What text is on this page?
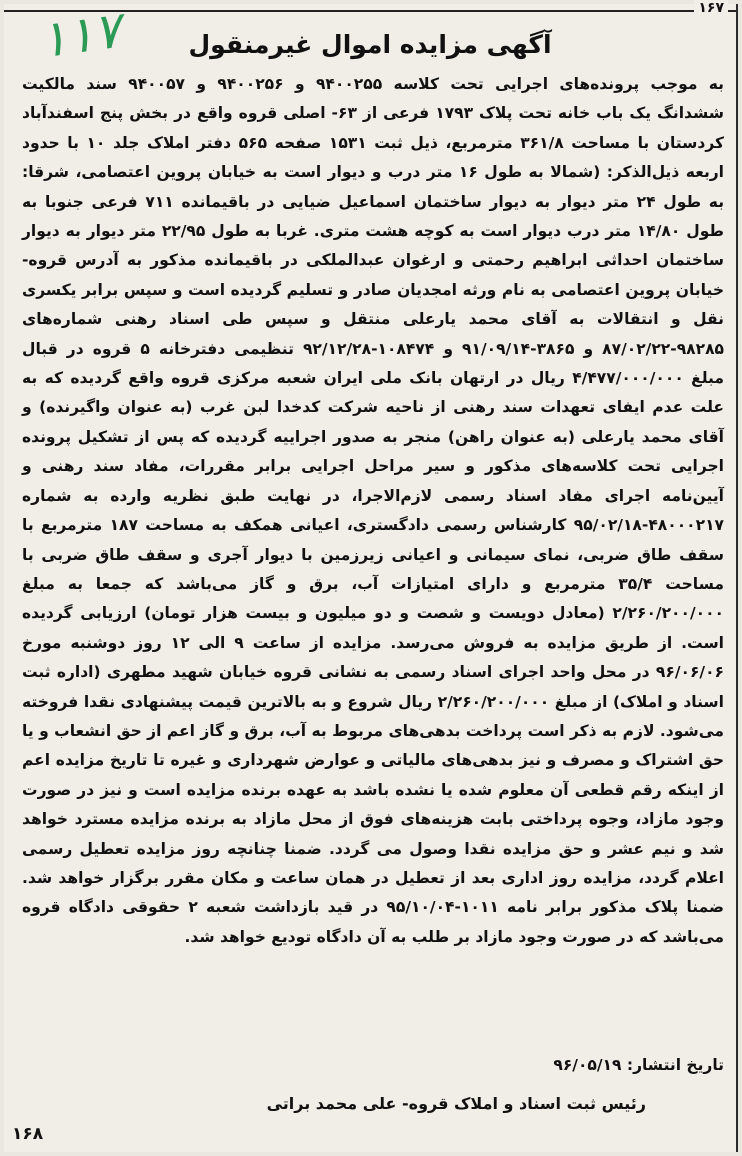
۱۶۷
۱۱۷	آگهی مزایده اموال غیرمنقول

به موجب پرونده‌های اجرایی تحت کلاسه ۹۴۰۰۲۵۵ و ۹۴۰۰۲۵۶ و ۹۴۰۰۵۷ سند مالکیت ششدانگ یک باب خانه تحت پلاک ۱۷۹۳ فرعی از ۶۳- اصلی قروه واقع در بخش پنج اسفندآباد کردستان با مساحت ۳۶۱/۸ مترمربع، ذیل ثبت ۱۵۳۱ صفحه ۵۶۵ دفتر املاک جلد ۱۰ با حدود اربعه ذیل‌الذکر: (شمالا به طول ۱۶ متر درب و دیوار است به خیابان پروین اعتصامی، شرقا: به طول ۲۴ متر دیوار به دیوار ساختمان اسماعیل ضیایی در باقیمانده ۷۱۱ فرعی جنوبا به طول ۱۴/۸۰ متر درب دیوار است به کوچه هشت متری. غربا به طول ۲۲/۹۵ متر دیوار به دیوار ساختمان احداثی ابراهیم رحمتی و ارغوان عبدالملکی در باقیمانده مذکور به آدرس قروه- خیابان پروین اعتصامی به نام ورثه امجدیان صادر و تسلیم گردیده است و سپس برابر یکسری نقل و انتقالات به آقای محمد یارعلی منتقل و سپس طی اسناد رهنی شماره‌های ۹۸۲۸۵-۸۷/۰۲/۲۲ و ۳۸۶۵-۹۱/۰۹/۱۴ و ۱۰۸۴۷۴-۹۲/۱۲/۲۸ تنظیمی دفترخانه ۵ قروه در قبال مبلغ ۴/۴۷۷/۰۰۰/۰۰۰ ریال در ارتهان بانک ملی ایران شعبه مرکزی قروه واقع گردیده که به علت عدم ایفای تعهدات سند رهنی از ناحیه شرکت کدخدا لبن غرب (به عنوان واگیرنده) و آقای محمد یارعلی (به عنوان راهن) منجر به صدور اجراییه گردیده که پس از تشکیل پرونده اجرایی تحت کلاسه‌های مذکور و سیر مراحل اجرایی برابر مقررات، مفاد سند رهنی و آیین‌نامه اجرای مفاد اسناد رسمی لازم‌الاجرا، در نهایت طبق نظریه وارده به شماره ۴۸۰۰۰۲۱۷-۹۵/۰۲/۱۸ کارشناس رسمی دادگستری، اعیانی همکف به مساحت ۱۸۷ مترمربع با سقف طاق ضربی، نمای سیمانی و اعیانی زیرزمین با دیوار آجری و سقف طاق ضربی با مساحت ۳۵/۴ مترمربع و دارای امتیازات آب، برق و گاز می‌باشد که جمعا به مبلغ ۲/۲۶۰/۲۰۰/۰۰۰ (معادل دویست و شصت و دو میلیون و بیست هزار تومان) ارزیابی گردیده است. از طریق مزایده به فروش می‌رسد. مزایده از ساعت ۹ الی ۱۲ روز دوشنبه مورخ ۹۶/۰۶/۰۶ در محل واحد اجرای اسناد رسمی به نشانی قروه خیابان شهید مطهری (اداره ثبت اسناد و املاک) از مبلغ ۲/۲۶۰/۲۰۰/۰۰۰ ریال شروع و به بالاترین قیمت پیشنهادی نقدا فروخته می‌شود. لازم به ذکر است پرداخت بدهی‌های مربوط به آب، برق و گاز اعم از حق انشعاب و یا حق اشتراک و مصرف و نیز بدهی‌های مالیاتی و عوارض شهرداری و غیره تا تاریخ مزایده اعم از اینکه رقم قطعی آن معلوم شده یا نشده باشد به عهده برنده مزایده است و نیز در صورت وجود مازاد، وجوه پرداختی بابت هزینه‌های فوق از محل مازاد به برنده مزایده مسترد خواهد شد و نیم عشر و حق مزایده نقدا وصول می گردد. ضمنا چنانچه روز مزایده تعطیل رسمی اعلام گردد، مزایده روز اداری بعد از تعطیل در همان ساعت و مکان مقرر برگزار خواهد شد. ضمنا پلاک مذکور برابر نامه ۱۰۱۱-۹۵/۱۰/۰۴ در قید بازداشت شعبه ۲ حقوقی دادگاه قروه می‌باشد که در صورت وجود مازاد بر طلب به آن دادگاه تودیع خواهد شد.

تاریخ انتشار: ۹۶/۰۵/۱۹
رئیس ثبت اسناد و املاک قروه- علی محمد براتی
۱۶۸
